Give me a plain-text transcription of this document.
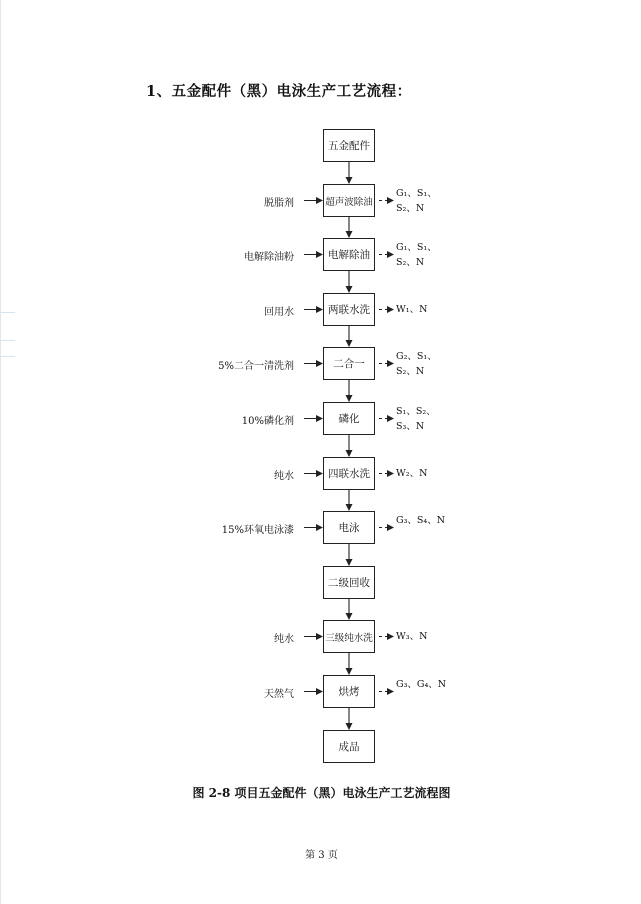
1、五金配件（黑）电泳生产工艺流程：
五金配件
超声波除油
脱脂剂
G₁、S₁、S₂、N
电解除油
电解除油粉
G₁、S₁、S₂、N
两联水洗
回用水	W₁、N
二合一
5%二合一清洗剂
G₂、S₁、S₂、N
磷化
10%磷化剂
S₁、S₂、S₃、N
四联水洗
纯水	W₂、N
电泳
15%环氧电泳漆
G₃、S₄、N
二级回收
三级纯水洗
纯水	W₃、N
烘烤
天然气
G₃、G₄、N
成品
图 2-8 项目五金配件（黑）电泳生产工艺流程图
第 3 页
